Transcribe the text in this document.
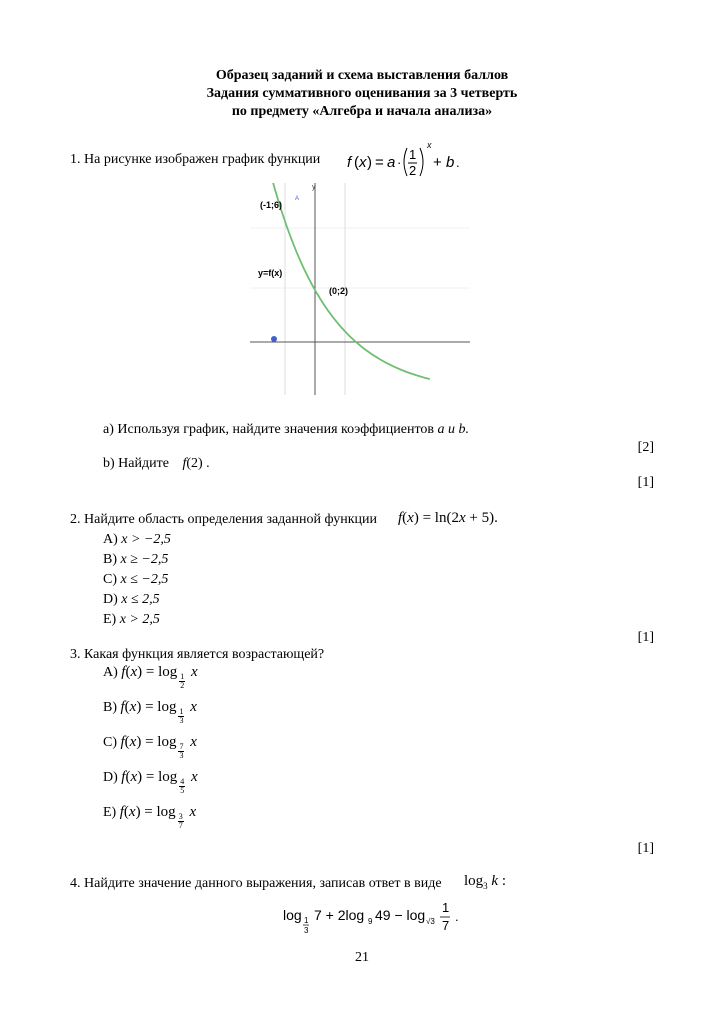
Образец заданий и схема выставления баллов
Задания суммативного оценивания за 3 четверть
по предмету «Алгебра и начала анализа»
1. На рисунке изображен график функции f ( x ) = a ·
1
2
x
+ b .
y
A
(-1;6)
y=f(x)
(0;2)
a) Используя график, найдите значения коэффициентов a и b.
[2]
b) Найдите f(2) .
[1]
2. Найдите область определения заданной функции f(x) = ln(2x + 5).
A) x > −2,5
B) x ≥ −2,5
C) x ≤ −2,5
D) x ≤ 2,5
E) x > 2,5
[1]
3. Какая функция является возрастающей?
A) f(x) = log
$\frac{1}{2}$
x
B) f(x) = log
$\frac{1}{3}$
x
C) f(x) = log
$\frac{7}{3}$
x
D) f(x) = log
$\frac{4}{5}$
x
E) f(x) = log
$\frac{3}{7}$
x
[1]
4. Найдите значение данного выражения, записав ответ в виде $\log_3 k$ :
log 1
3
7 + 2log 9 49 − log √3
1
7
.
21
